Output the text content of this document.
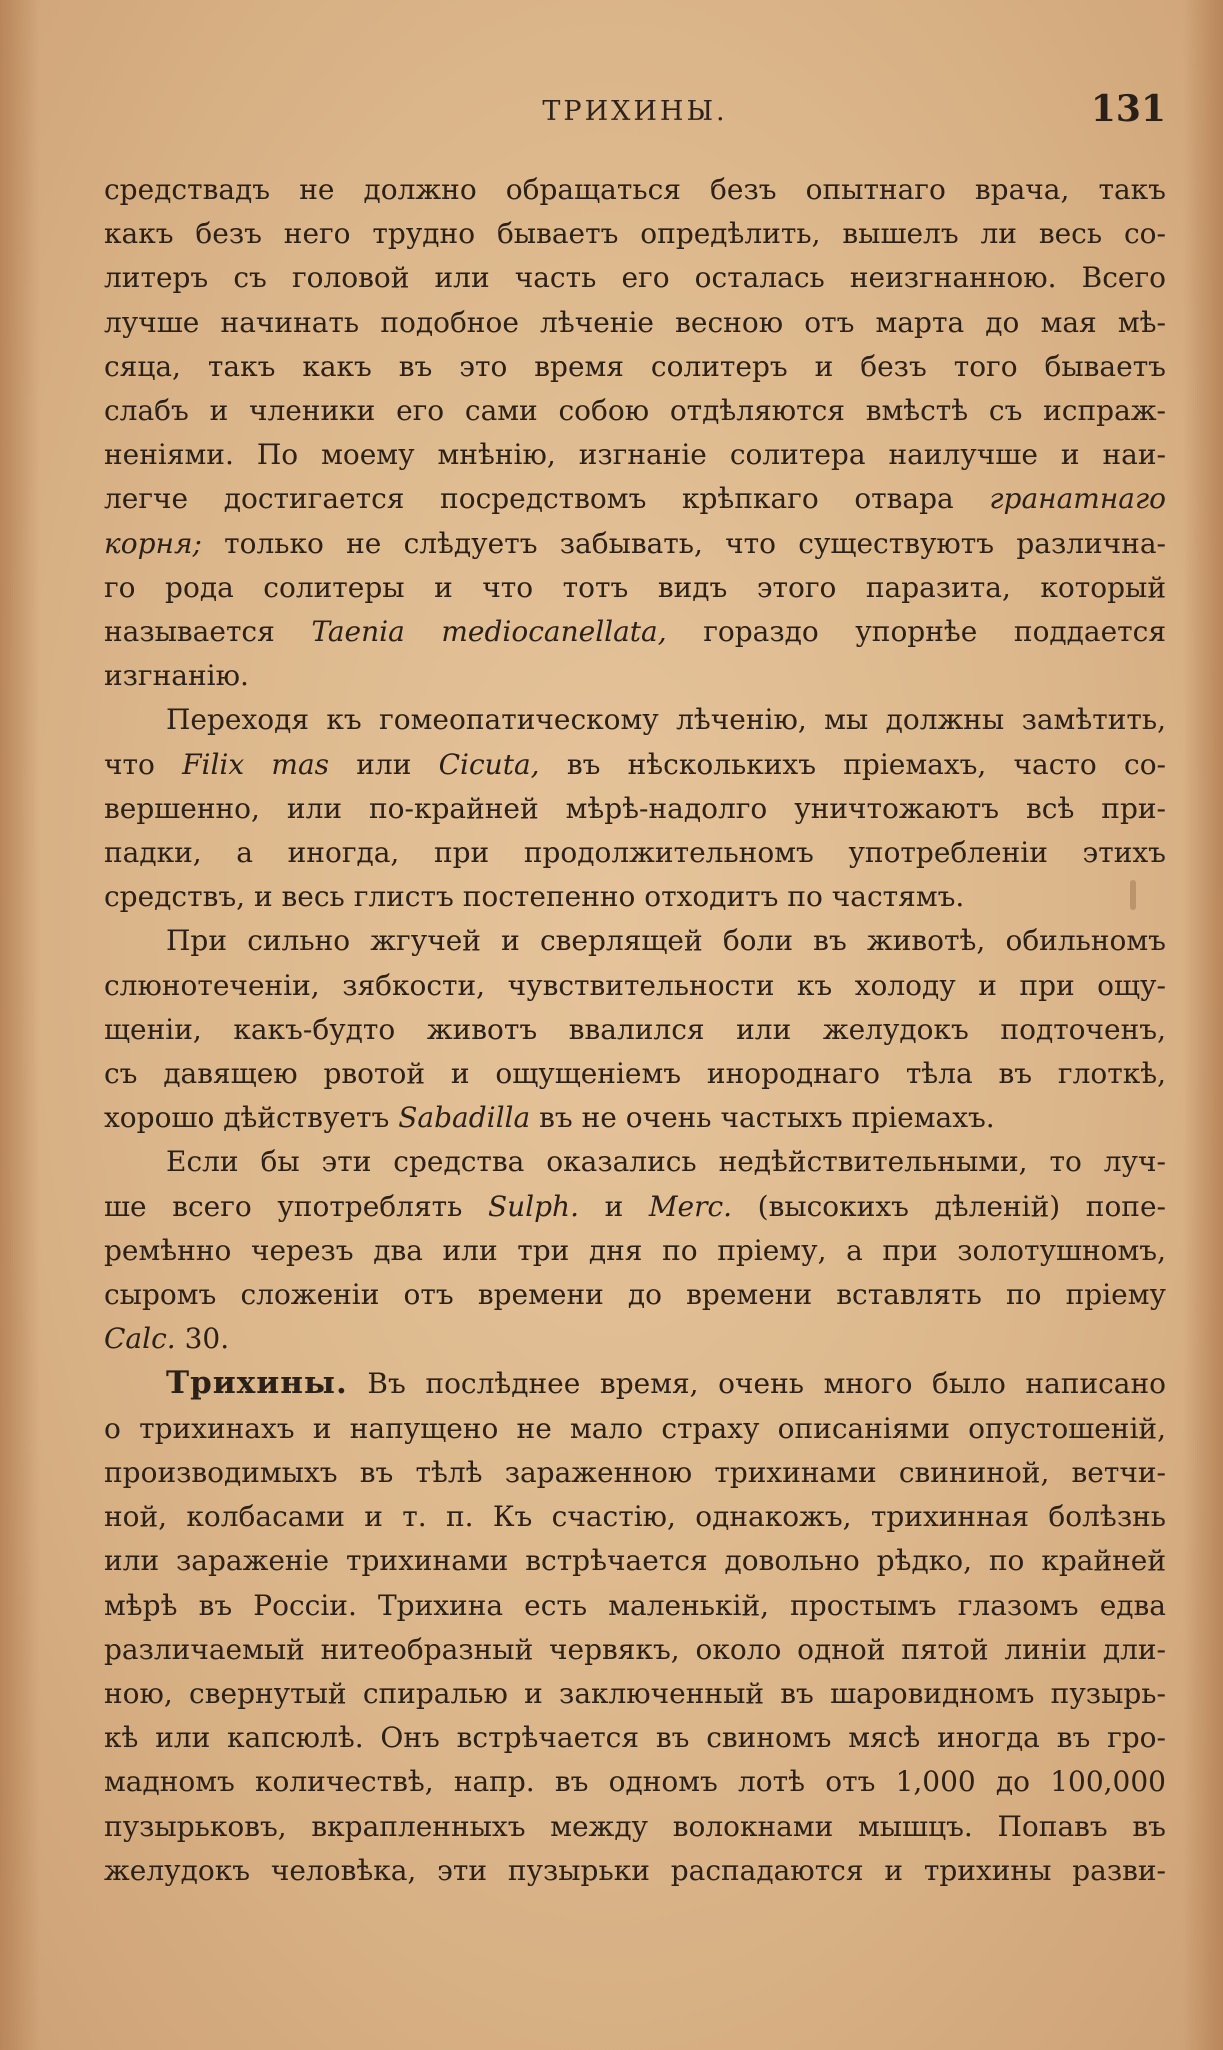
ТРИХИНЫ.	131
средствадъ не должно обращаться безъ опытнаго врача, такъ
какъ безъ него трудно бываетъ опредѣлить, вышелъ ли весь со-
литеръ съ головой или часть его осталась неизгнанною. Всего
лучше начинать подобное лѣченіе весною отъ марта до мая мѣ-
сяца, такъ какъ въ это время солитеръ и безъ того бываетъ
слабъ и членики его сами собою отдѣляются вмѣстѣ съ испраж-
неніями. По моему мнѣнію, изгнаніе солитера наилучше и наи-
легче достигается посредствомъ крѣпкаго отвара гранатнаго
корня; только не слѣдуетъ забывать, что существуютъ различна-
го рода солитеры и что тотъ видъ этого паразита, который
называется Taenia mediocanellata, гораздо упорнѣе поддается
изгнанію.
Переходя къ гомеопатическому лѣченію, мы должны замѣтить,
что Filix mas или Cicuta, въ нѣсколькихъ пріемахъ, часто со-
вершенно, или по-крайней мѣрѣ-надолго уничтожаютъ всѣ при-
падки, а иногда, при продолжительномъ употребленіи этихъ
средствъ, и весь глистъ постепенно отходитъ по частямъ.
При сильно жгучей и сверлящей боли въ животѣ, обильномъ
слюнотеченіи, зябкости, чувствительности къ холоду и при ощу-
щеніи, какъ-будто животъ ввалился или желудокъ подточенъ,
съ давящею рвотой и ощущеніемъ инороднаго тѣла въ глоткѣ,
хорошо дѣйствуетъ Sabadilla въ не очень частыхъ пріемахъ.
Если бы эти средства оказались недѣйствительными, то луч-
ше всего употреблять Sulph. и Merc. (высокихъ дѣленій) попе-
ремѣнно черезъ два или три дня по пріему, а при золотушномъ,
сыромъ сложеніи отъ времени до времени вставлять по пріему
Calc. 30.
Трихины. Въ послѣднее время, очень много было написано
о трихинахъ и напущено не мало страху описаніями опустошеній,
производимыхъ въ тѣлѣ зараженною трихинами свининой, ветчи-
ной, колбасами и т. п. Къ счастію, однакожъ, трихинная болѣзнь
или зараженіе трихинами встрѣчается довольно рѣдко, по крайней
мѣрѣ въ Россіи. Трихина есть маленькій, простымъ глазомъ едва
различаемый нитеобразный червякъ, около одной пятой линіи дли-
ною, свернутый спиралью и заключенный въ шаровидномъ пузырь-
кѣ или капсюлѣ. Онъ встрѣчается въ свиномъ мясѣ иногда въ гро-
мадномъ количествѣ, напр. въ одномъ лотѣ отъ 1,000 до 100,000
пузырьковъ, вкрапленныхъ между волокнами мышцъ. Попавъ въ
желудокъ человѣка, эти пузырьки распадаются и трихины разви-
